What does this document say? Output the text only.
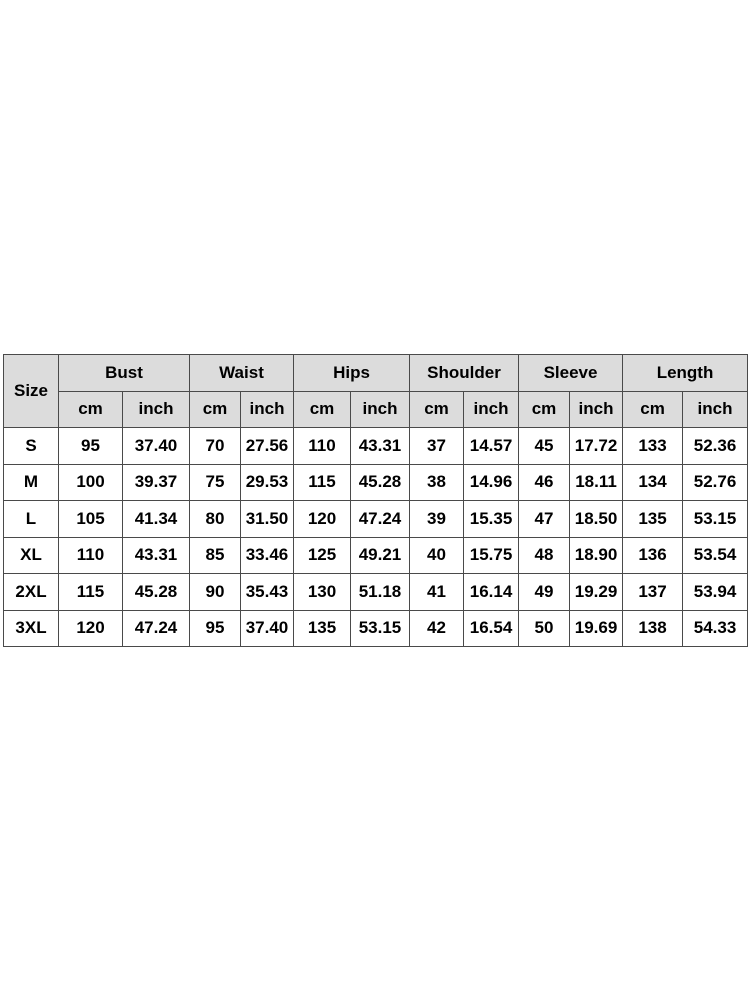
Size	Bust		Waist		Hips		Shoulder		Sleeve		Length	
	cm	inch	cm	inch	cm	inch	cm	inch	cm	inch	cm	inch
S	95	37.40	70	27.56	110	43.31	37	14.57	45	17.72	133	52.36
M	100	39.37	75	29.53	115	45.28	38	14.96	46	18.11	134	52.76
L	105	41.34	80	31.50	120	47.24	39	15.35	47	18.50	135	53.15
XL	110	43.31	85	33.46	125	49.21	40	15.75	48	18.90	136	53.54
2XL	115	45.28	90	35.43	130	51.18	41	16.14	49	19.29	137	53.94
3XL	120	47.24	95	37.40	135	53.15	42	16.54	50	19.69	138	54.33
